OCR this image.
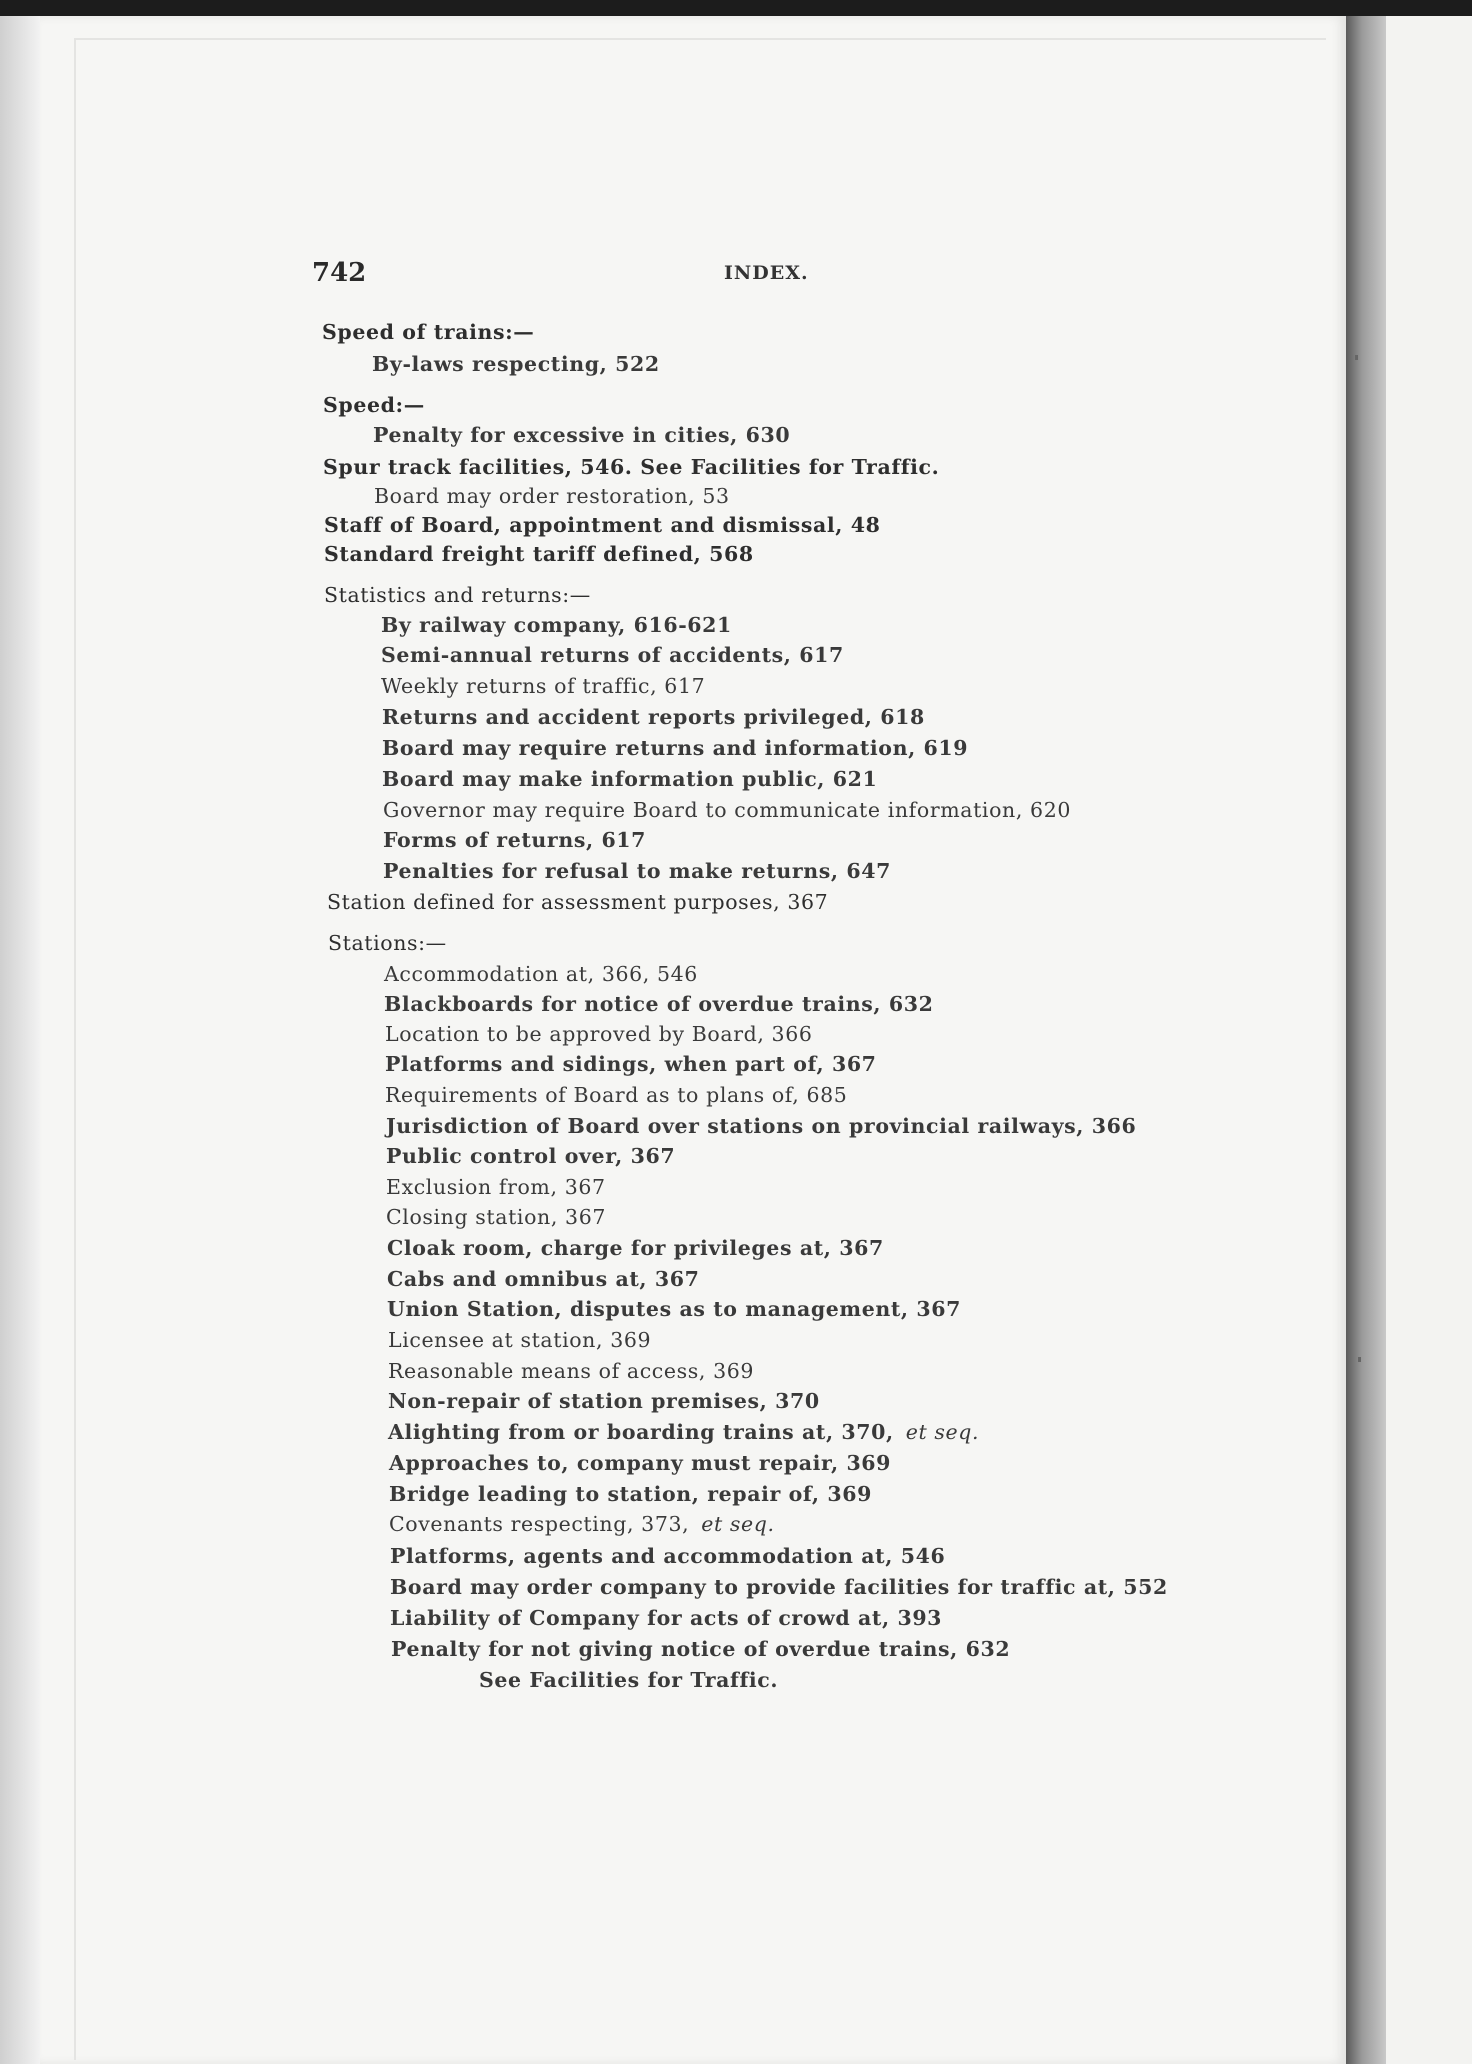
742	INDEX.
Speed of trains:—
By-laws respecting, 522
Speed:—
Penalty for excessive in cities, 630
Spur track facilities, 546. See Facilities for Traffic.
Board may order restoration, 53
Staff of Board, appointment and dismissal, 48
Standard freight tariff defined, 568
Statistics and returns:—
By railway company, 616-621
Semi-annual returns of accidents, 617
Weekly returns of traffic, 617
Returns and accident reports privileged, 618
Board may require returns and information, 619
Board may make information public, 621
Governor may require Board to communicate information, 620
Forms of returns, 617
Penalties for refusal to make returns, 647
Station defined for assessment purposes, 367
Stations:—
Accommodation at, 366, 546
Blackboards for notice of overdue trains, 632
Location to be approved by Board, 366
Platforms and sidings, when part of, 367
Requirements of Board as to plans of, 685
Jurisdiction of Board over stations on provincial railways, 366
Public control over, 367
Exclusion from, 367
Closing station, 367
Cloak room, charge for privileges at, 367
Cabs and omnibus at, 367
Union Station, disputes as to management, 367
Licensee at station, 369
Reasonable means of access, 369
Non-repair of station premises, 370
Alighting from or boarding trains at, 370, et seq.
Approaches to, company must repair, 369
Bridge leading to station, repair of, 369
Covenants respecting, 373, et seq.
Platforms, agents and accommodation at, 546
Board may order company to provide facilities for traffic at, 552
Liability of Company for acts of crowd at, 393
Penalty for not giving notice of overdue trains, 632
See Facilities for Traffic.
